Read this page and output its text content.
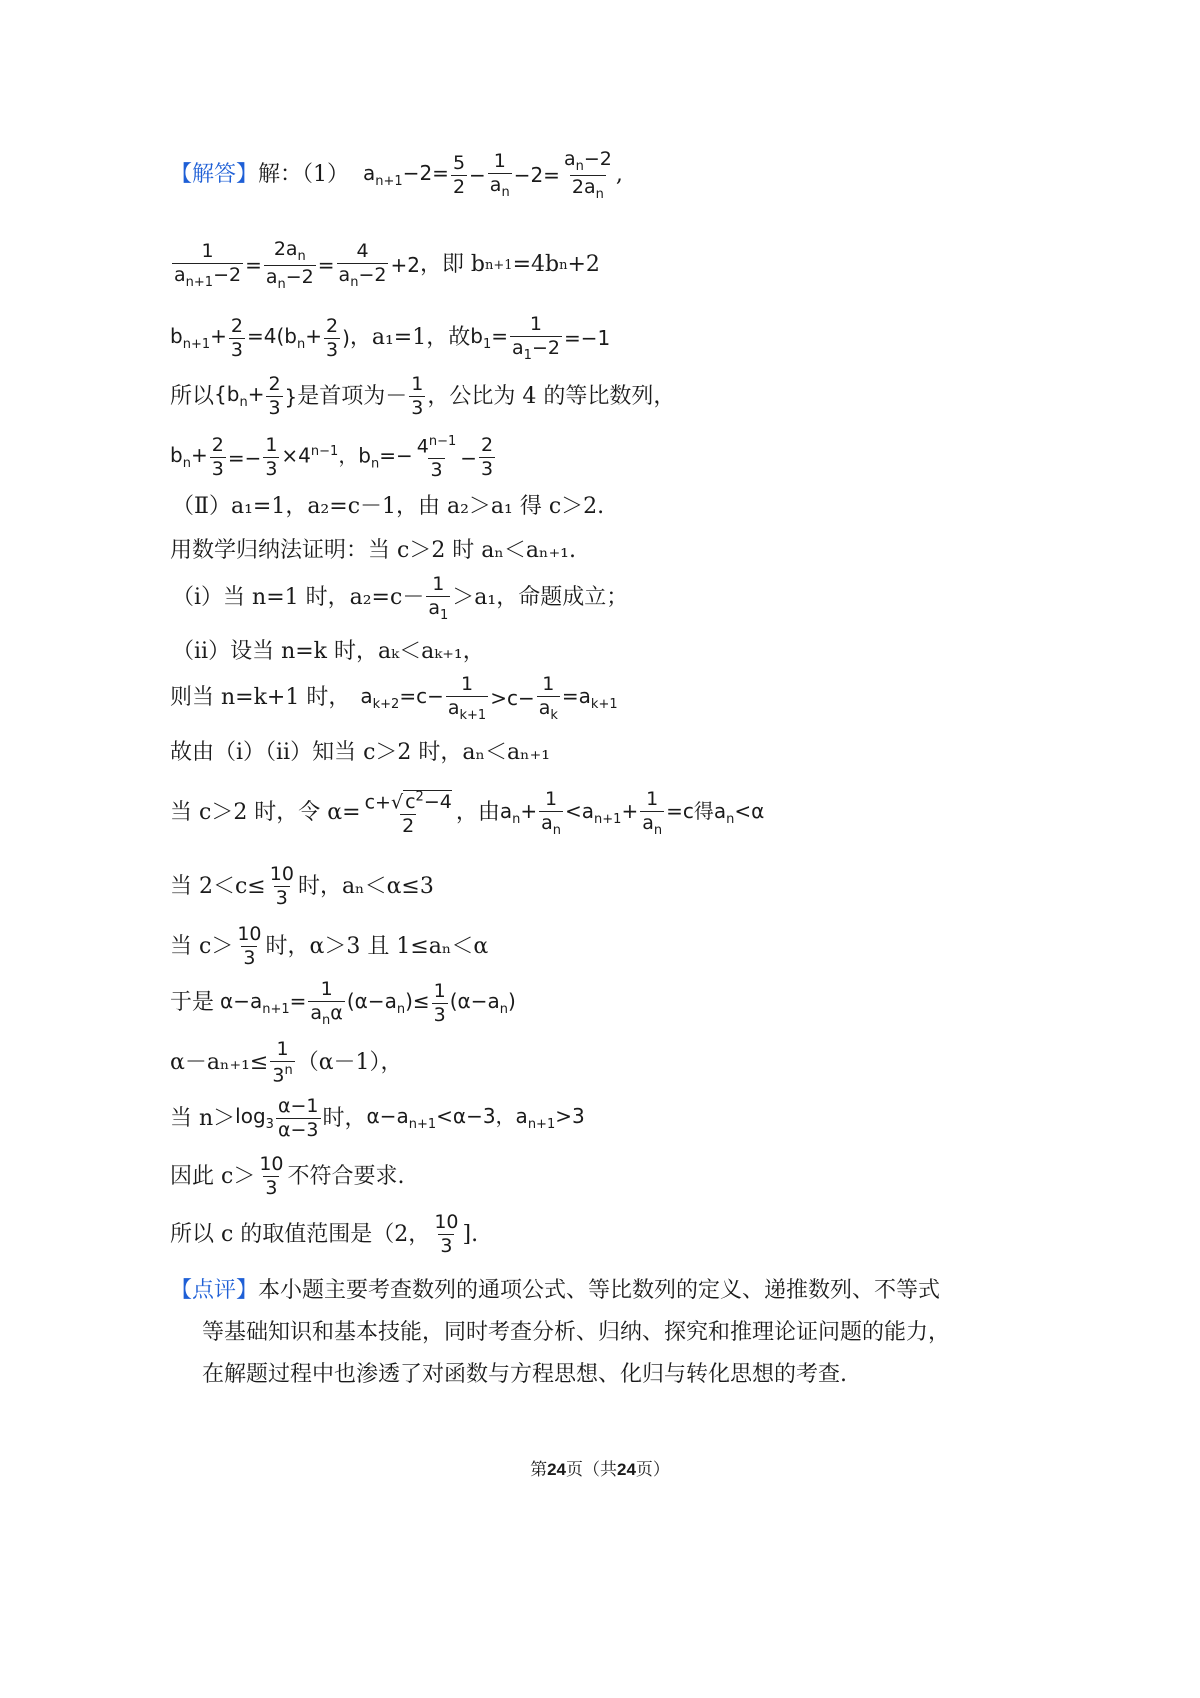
【解答】 解：（1） $a_{n+1}-2= \frac{5}{2} - \frac{1}{a_n} -2= \frac{a_n-2}{2a_n}$ ,
$\frac{1}{a_{n+1}-2} = \frac{2a_n}{a_n-2} = \frac{4}{a_n-2} +2$ ，即 b n+1 =4b n +2
$b_{n+1}+ \frac{2}{3} =4(b_n+ \frac{2}{3}$ ) ，a₁=1，故 $b_1= \frac{1}{a_1-2} =-1$
所以 {$b_n+ \frac{2}{3}$ } 是首项为－ $\frac{1}{3}$ ，公比为 4 的等比数列，
$b_n+ \frac{2}{3} =- \frac{1}{3} \times 4^{n-1}$，$b_n=- \frac{4^{n-1}}{3} - \frac{2}{3}$
（Ⅱ）a₁=1，a₂=c－1，由 a₂＞a₁ 得 c＞2.
用数学归纳法证明：当 c＞2 时 aₙ＜aₙ₊₁.
（ⅰ）当 n=1 时，$a_2=c- \frac{1}{a_1} >a_1$，命题成立；
（ⅱ）设当 n=k 时，aₖ＜aₖ₊₁，
则当 n=k+1 时， $a_{k+2}=c- \frac{1}{a_{k+1}} >c- \frac{1}{a_k} =a_{k+1}$
故由（ⅰ）（ⅱ）知当 c＞2 时，aₙ＜aₙ₊₁
当 c＞2 时，令 $\alpha= \frac{c+√ c^2-4}{2}$ ，由 $a_n+ \frac{1}{a_n} <a_{n+1}+ \frac{1}{a_n} =c$得$a_n<\alpha$
当 $2<c\le \frac{10}{3}$ 时，aₙ＜α≤3
当 $c> \frac{10}{3}$ 时，α＞3 且 1≤aₙ＜α
于是 $\alpha-a_{n+1}= \frac{1}{a_n\alpha} (\alpha-a_n)\le \frac{1}{3} (\alpha-a_n)$
$\alpha-a_{n+1}\le \frac{1}{3^n} (\alpha-1)$，
当 $n> \log_3 \frac{\alpha-1}{\alpha-3}$ 时， $\alpha-a_{n+1}<\alpha-3$，$a_{n+1}>3$
因此 $c> \frac{10}{3}$ 不符合要求.
所以 c 的取值范围是（2， $\frac{10}{3}$ ].
【点评】本小题主要考查数列的通项公式、等比数列的定义、递推数列、不等式
等基础知识和基本技能，同时考查分析、归纳、探究和推理论证问题的能力，
在解题过程中也渗透了对函数与方程思想、化归与转化思想的考查.
第24页（共24页）
